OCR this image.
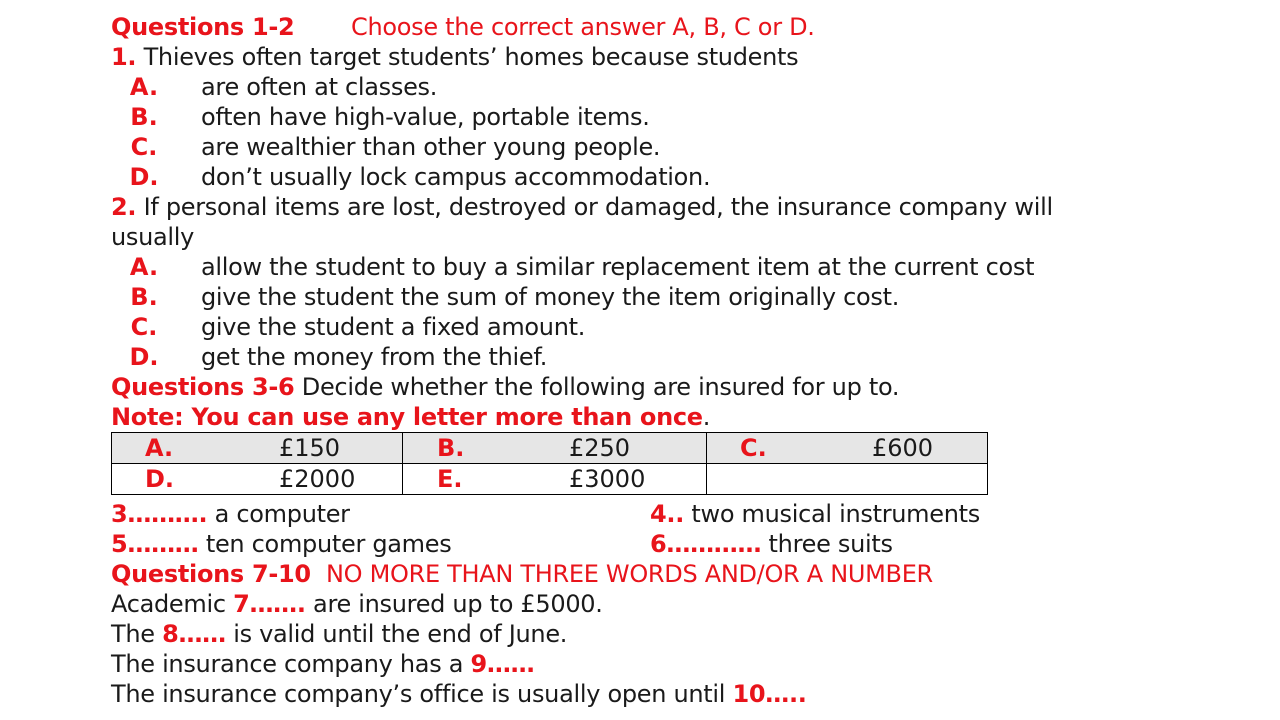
Questions 1-2 Choose the correct answer A, B, C or D.
1. Thieves often target students’ homes because students
A. are often at classes.
B. often have high-value, portable items.
C. are wealthier than other young people.
D. don’t usually lock campus accommodation.
2. If personal items are lost, destroyed or damaged, the insurance company will
usually
A. allow the student to buy a similar replacement item at the current cost
B. give the student the sum of money the item originally cost.
C. give the student a fixed amount.
D. get the money from the thief.
Questions 3-6 Decide whether the following are insured for up to.
Note: You can use any letter more than once.
A. £150	B. £250	C. £600

D. £2000	E. £3000	

3………. a computer	4.. two musical instruments
5……… ten computer games	6………… three suits
Questions 7-10 NO MORE THAN THREE WORDS AND/OR A NUMBER
Academic 7……. are insured up to £5000.
The 8…… is valid until the end of June.
The insurance company has a 9……
The insurance company’s office is usually open until 10…..
